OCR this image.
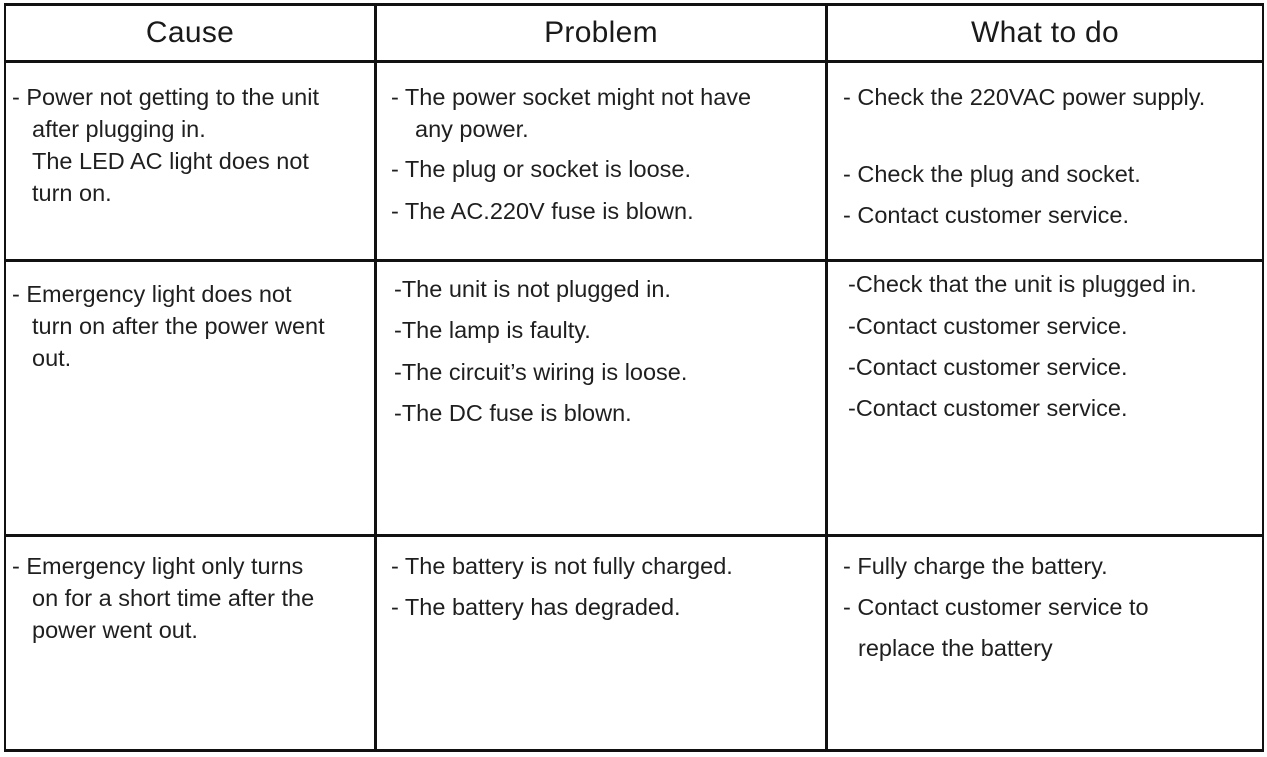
Cause	Problem	What to do
- Power not getting to the unit
after plugging in.
The LED AC light does not
turn on.
- The power socket might not have
any power.
- The plug or socket is loose.
- The AC.220V fuse is blown.
- Check the 220VAC power supply.
- Check the plug and socket.
- Contact customer service.
- Emergency light does not
turn on after the power went
out.
-The unit is not plugged in.
-The lamp is faulty.
-The circuit’s wiring is loose.
-The DC fuse is blown.
-Check that the unit is plugged in.
-Contact customer service.
-Contact customer service.
-Contact customer service.
- Emergency light only turns
on for a short time after the
power went out.
- The battery is not fully charged.
- The battery has degraded.
- Fully charge the battery.
- Contact customer service to
replace the battery
